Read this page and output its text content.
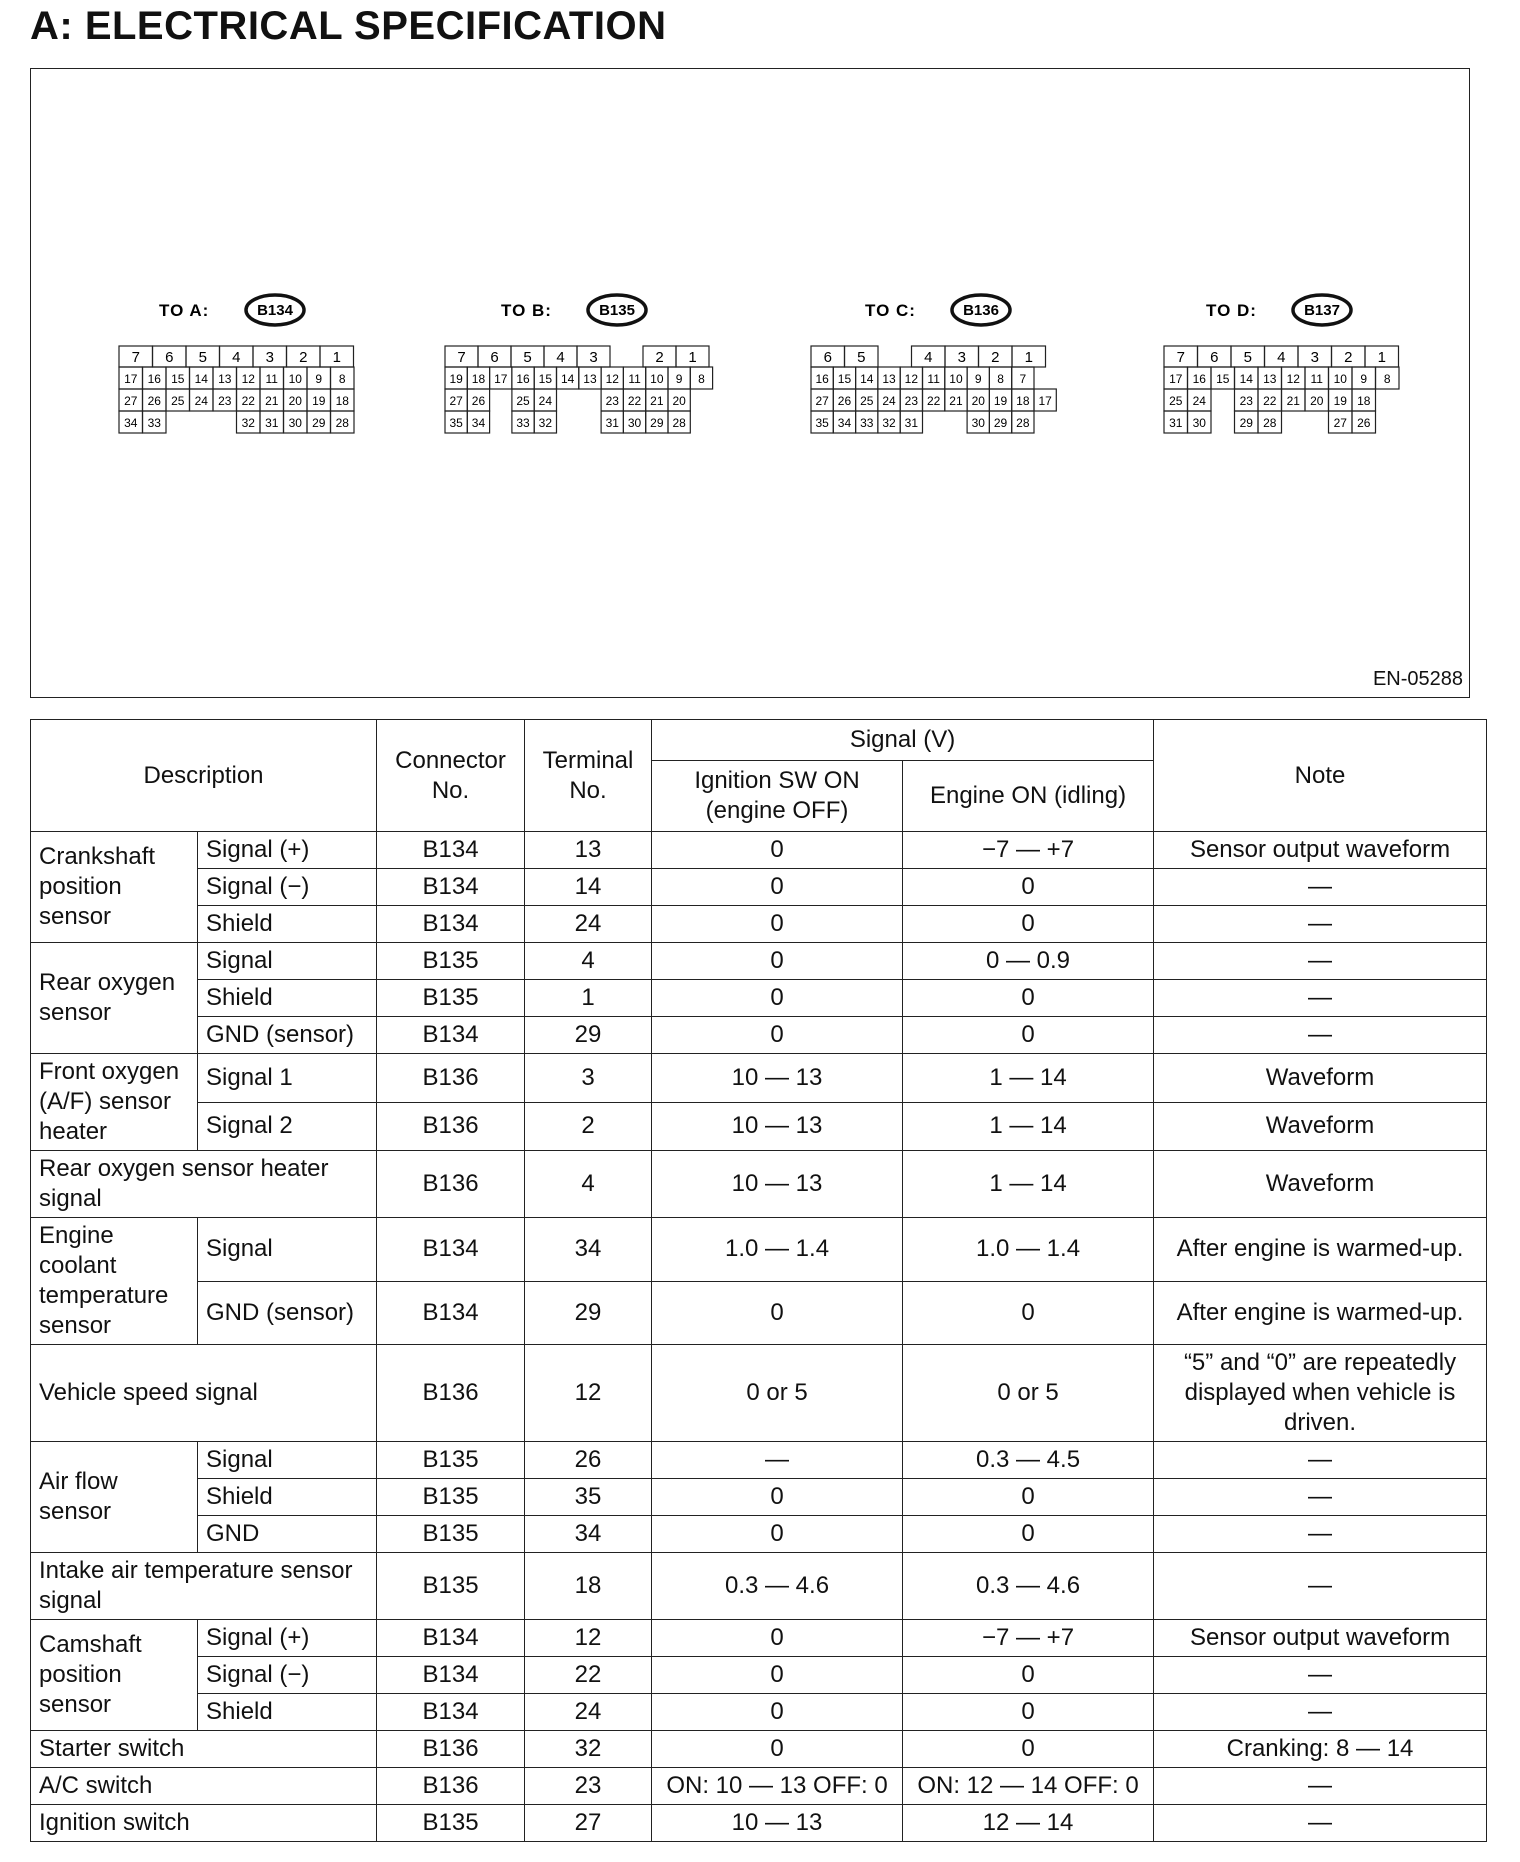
A: ELECTRICAL SPECIFICATION
TO A:	B134
7 6 5 4 3 2 1
17 16 15 14 13 12 11 10 9 8
27 26 25 24 23 22 21 20 19 18
34 33	32 31 30 29 28
TO B:	B135
7 6 5 4 3	2 1
19 18 17 16 15 14 13 12 11 10 9 8
27 26	25 24	23 22 21 20
35 34	33 32	31 30 29 28
TO C:	B136
6 5	4 3 2 1
16 15 14 13 12 11 10 9 8 7
27 26 25 24 23 22 21 20 19 18 17
35 34 33 32 31	30 29 28
TO D:	B137
7 6 5 4 3 2 1
17 16 15 14 13 12 11 10 9 8
25 24	23 22 21 20 19 18
31 30	29 28	27 26
EN-05288
Description		Connector No.	Terminal No.	Signal (V)		Note
				Ignition SW ON (engine OFF)	Engine ON (idling)	
Crankshaft position sensor	Signal (+)	B134	13	0	−7 — +7	Sensor output waveform
	Signal (−)	B134	14	0	0	—
	Shield	B134	24	0	0	—
Rear oxygen sensor	Signal	B135	4	0	0 — 0.9	—
	Shield	B135	1	0	0	—
	GND (sensor)	B134	29	0	0	—
Front oxygen (A/F) sensor heater	Signal 1	B136	3	10 — 13	1 — 14	Waveform
	Signal 2	B136	2	10 — 13	1 — 14	Waveform
Rear oxygen sensor heater signal		B136	4	10 — 13	1 — 14	Waveform
Engine coolant temperature sensor	Signal	B134	34	1.0 — 1.4	1.0 — 1.4	After engine is warmed-up.
	GND (sensor)	B134	29	0	0	After engine is warmed-up.
Vehicle speed signal		B136	12	0 or 5	0 or 5	“5” and “0” are repeatedly displayed when vehicle is driven.
Air flow sensor	Signal	B135	26	—	0.3 — 4.5	—
	Shield	B135	35	0	0	—
	GND	B135	34	0	0	—
Intake air temperature sensor signal		B135	18	0.3 — 4.6	0.3 — 4.6	—
Camshaft position sensor	Signal (+)	B134	12	0	−7 — +7	Sensor output waveform
	Signal (−)	B134	22	0	0	—
	Shield	B134	24	0	0	—
Starter switch		B136	32	0	0	Cranking: 8 — 14
A/C switch		B136	23	ON: 10 — 13 OFF: 0	ON: 12 — 14 OFF: 0	—
Ignition switch		B135	27	10 — 13	12 — 14	—
